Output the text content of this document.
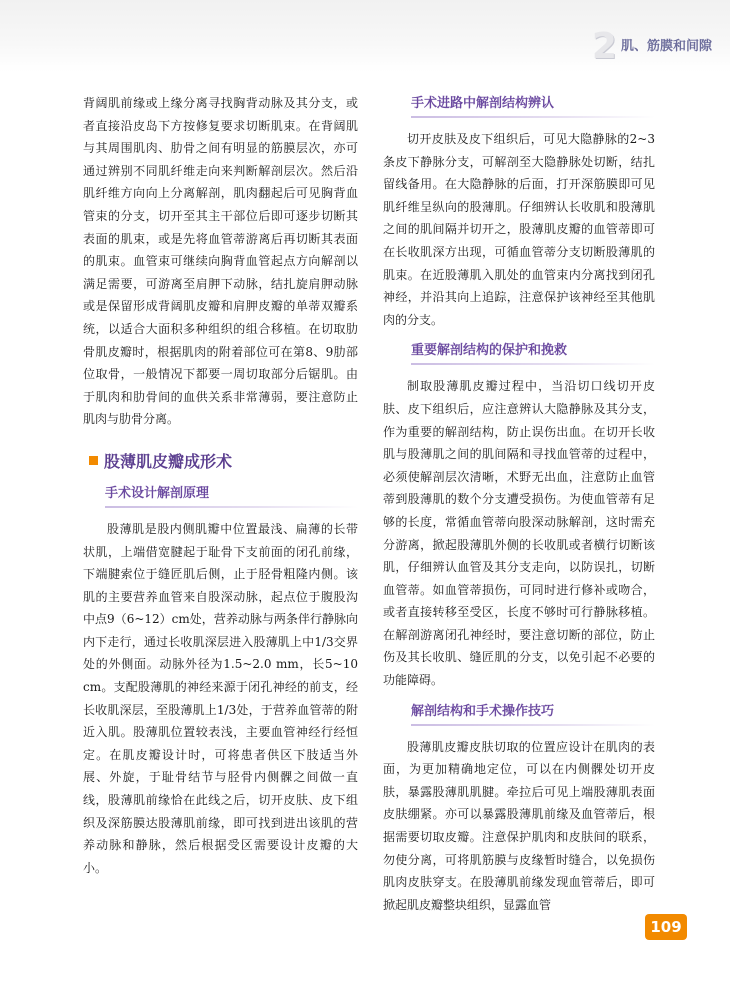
2 肌、筋膜和间隙

背阔肌前缘或上缘分离寻找胸背动脉及其分支，或者直接沿皮岛下方按修复要求切断肌束。在背阔肌与其周围肌肉、肋骨之间有明显的筋膜层次，亦可通过辨别不同肌纤维走向来判断解剖层次。然后沿肌纤维方向向上分离解剖，肌肉翻起后可见胸背血管束的分支，切开至其主干部位后即可逐步切断其表面的肌束，或是先将血管蒂游离后再切断其表面的肌束。血管束可继续向胸背血管起点方向解剖以满足需要，可游离至肩胛下动脉，结扎旋肩胛动脉或是保留形成背阔肌皮瓣和肩胛皮瓣的单蒂双瓣系统，以适合大面积多种组织的组合移植。在切取肋骨肌皮瓣时，根据肌肉的附着部位可在第8、9肋部位取骨，一般情况下都要一周切取部分后锯肌。由于肌肉和肋骨间的血供关系非常薄弱，要注意防止肌肉与肋骨分离。

股薄肌皮瓣成形术
手术设计解剖原理

股薄肌是股内侧肌瓣中位置最浅、扁薄的长带状肌，上端借宽腱起于耻骨下支前面的闭孔前缘，下端腱索位于缝匠肌后侧，止于胫骨粗隆内侧。该肌的主要营养血管来自股深动脉，起点位于腹股沟中点9（6~12）cm处，营养动脉与两条伴行静脉向内下走行，通过长收肌深层进入股薄肌上中1/3交界处的外侧面。动脉外径为1.5~2.0 mm，长5~10 cm。支配股薄肌的神经来源于闭孔神经的前支，经长收肌深层，至股薄肌上1/3处，于营养血管蒂的附近入肌。股薄肌位置较表浅，主要血管神经行经恒定。在肌皮瓣设计时，可将患者供区下肢适当外展、外旋，于耻骨结节与胫骨内侧髁之间做一直线，股薄肌前缘恰在此线之后，切开皮肤、皮下组织及深筋膜达股薄肌前缘，即可找到进出该肌的营养动脉和静脉，然后根据受区需要设计皮瓣的大小。

手术进路中解剖结构辨认

切开皮肤及皮下组织后，可见大隐静脉的2~3条皮下静脉分支，可解剖至大隐静脉处切断，结扎留线备用。在大隐静脉的后面，打开深筋膜即可见肌纤维呈纵向的股薄肌。仔细辨认长收肌和股薄肌之间的肌间隔并切开之，股薄肌皮瓣的血管蒂即可在长收肌深方出现，可循血管蒂分支切断股薄肌的肌束。在近股薄肌入肌处的血管束内分离找到闭孔神经，并沿其向上追踪，注意保护该神经至其他肌肉的分支。

重要解剖结构的保护和挽救

制取股薄肌皮瓣过程中，当沿切口线切开皮肤、皮下组织后，应注意辨认大隐静脉及其分支，作为重要的解剖结构，防止误伤出血。在切开长收肌与股薄肌之间的肌间隔和寻找血管蒂的过程中，必须使解剖层次清晰，术野无出血，注意防止血管蒂到股薄肌的数个分支遭受损伤。为使血管蒂有足够的长度，常循血管蒂向股深动脉解剖，这时需充分游离，掀起股薄肌外侧的长收肌或者横行切断该肌，仔细辨认血管及其分支走向，以防误扎，切断血管蒂。如血管蒂损伤，可同时进行修补或吻合，或者直接转移至受区，长度不够时可行静脉移植。在解剖游离闭孔神经时，要注意切断的部位，防止伤及其长收肌、缝匠肌的分支，以免引起不必要的功能障碍。

解剖结构和手术操作技巧

股薄肌皮瓣皮肤切取的位置应设计在肌肉的表面，为更加精确地定位，可以在内侧髁处切开皮肤，暴露股薄肌肌腱。牵拉后可见上端股薄肌表面皮肤绷紧。亦可以暴露股薄肌前缘及血管蒂后，根据需要切取皮瓣。注意保护肌肉和皮肤间的联系，勿使分离，可将肌筋膜与皮缘暂时缝合，以免损伤肌肉皮肤穿支。在股薄肌前缘发现血管蒂后，即可掀起肌皮瓣整块组织，显露血管

109
